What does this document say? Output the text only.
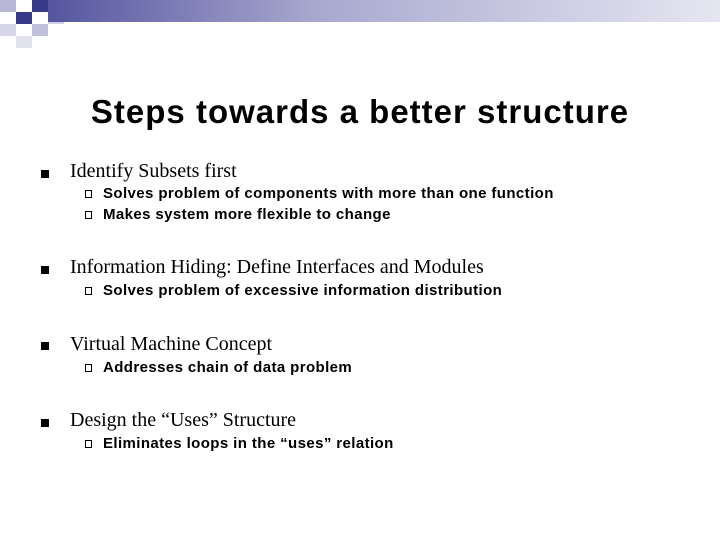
Steps towards a better structure
Identify Subsets first
Solves problem of components with more than one function
Makes system more flexible to change
Information Hiding: Define Interfaces and Modules
Solves problem of excessive information distribution
Virtual Machine Concept
Addresses chain of data problem
Design the “Uses” Structure
Eliminates loops in the “uses” relation
